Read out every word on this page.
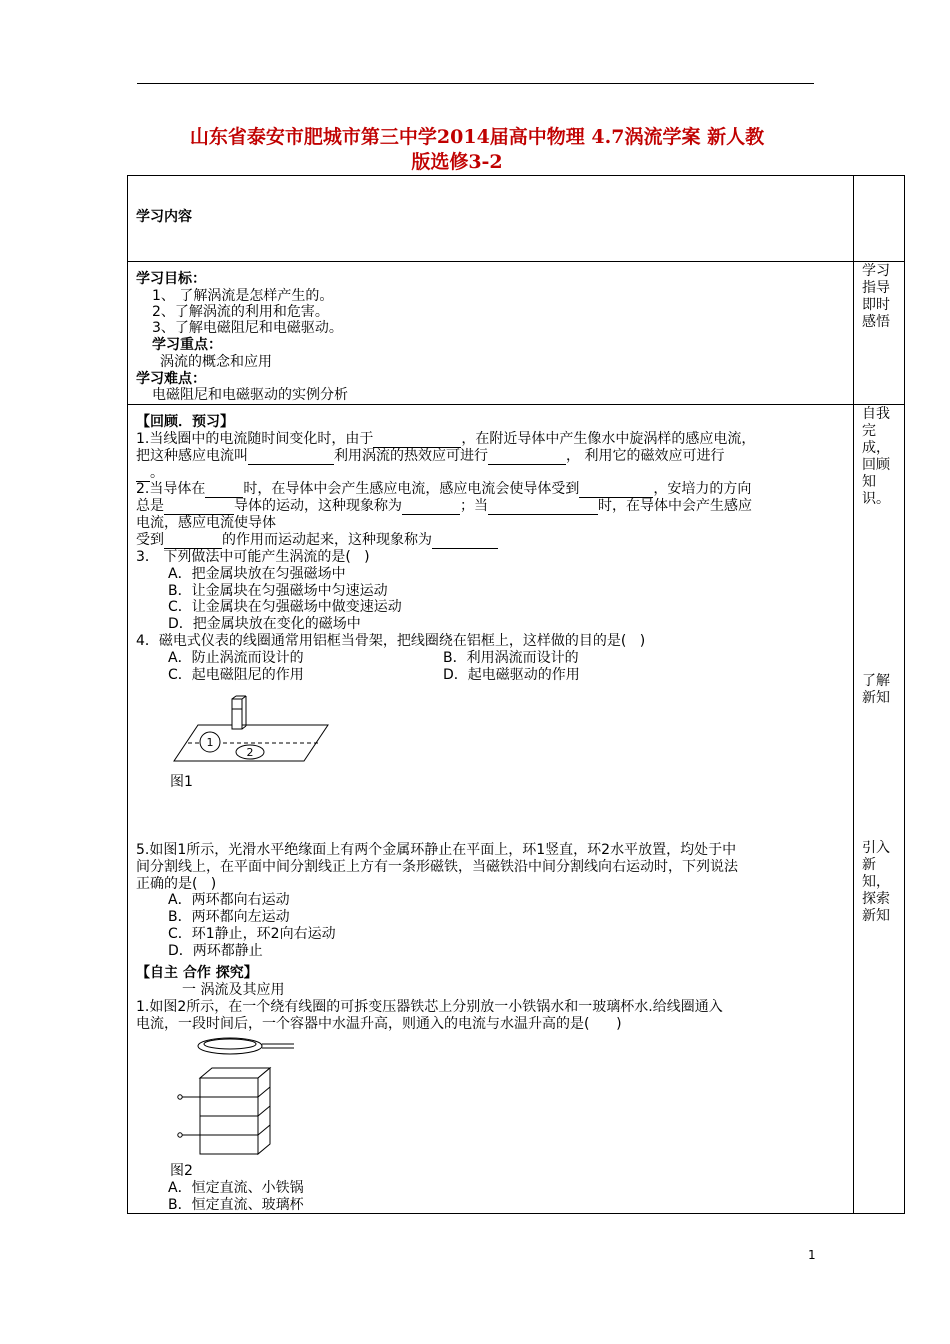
山东省泰安市肥城市第三中学2014届高中物理 4.7涡流学案 新人教
版选修3-2
学习内容
学习目标：
1、 了解涡流是怎样产生的。
2、了解涡流的利用和危害。
3、了解电磁阻尼和电磁驱动。
学习重点：
涡流的概念和应用
学习难点：
电磁阻尼和电磁驱动的实例分析
学习指导即时感悟
【回顾．预习】
1.当线圈中的电流随时间变化时，由于	，在附近导体中产生像水中旋涡样的感应电流，
把这种感应电流叫	利用涡流的热效应可进行	， 利用它的磁效应可进行
。
2.当导体在	时，在导体中会产生感应电流，感应电流会使导体受到	，安培力的方向
总是	导体的运动，这种现象称为	；当	时，在导体中会产生感应
电流，感应电流使导体
受到	的作用而运动起来，这种现象称为
3． 下列做法中可能产生涡流的是(   )
A．把金属块放在匀强磁场中
B．让金属块在匀强磁场中匀速运动
C．让金属块在匀强磁场中做变速运动
D．把金属块放在变化的磁场中
4．磁电式仪表的线圈通常用铝框当骨架，把线圈绕在铝框上，这样做的目的是(   )
A．防止涡流而设计的	B．利用涡流而设计的
C．起电磁阻尼的作用	D．起电磁驱动的作用
1
2
图1
5.如图1所示，光滑水平绝缘面上有两个金属环静止在平面上，环1竖直，环2水平放置，均处于中
间分割线上，在平面中间分割线正上方有一条形磁铁，当磁铁沿中间分割线向右运动时，下列说法
正确的是(   )
A．两环都向右运动
B．两环都向左运动
C．环1静止，环2向右运动
D．两环都静止
【自主 合作 探究】
一 涡流及其应用
1.如图2所示，在一个绕有线圈的可拆变压器铁芯上分别放一小铁锅水和一玻璃杯水.给线圈通入
电流，一段时间后，一个容器中水温升高，则通入的电流与水温升高的是(      )
图2
A．恒定直流、小铁锅
B．恒定直流、玻璃杯
自我完成，回顾知识。
了解新知
引入新知，探索新知
1
